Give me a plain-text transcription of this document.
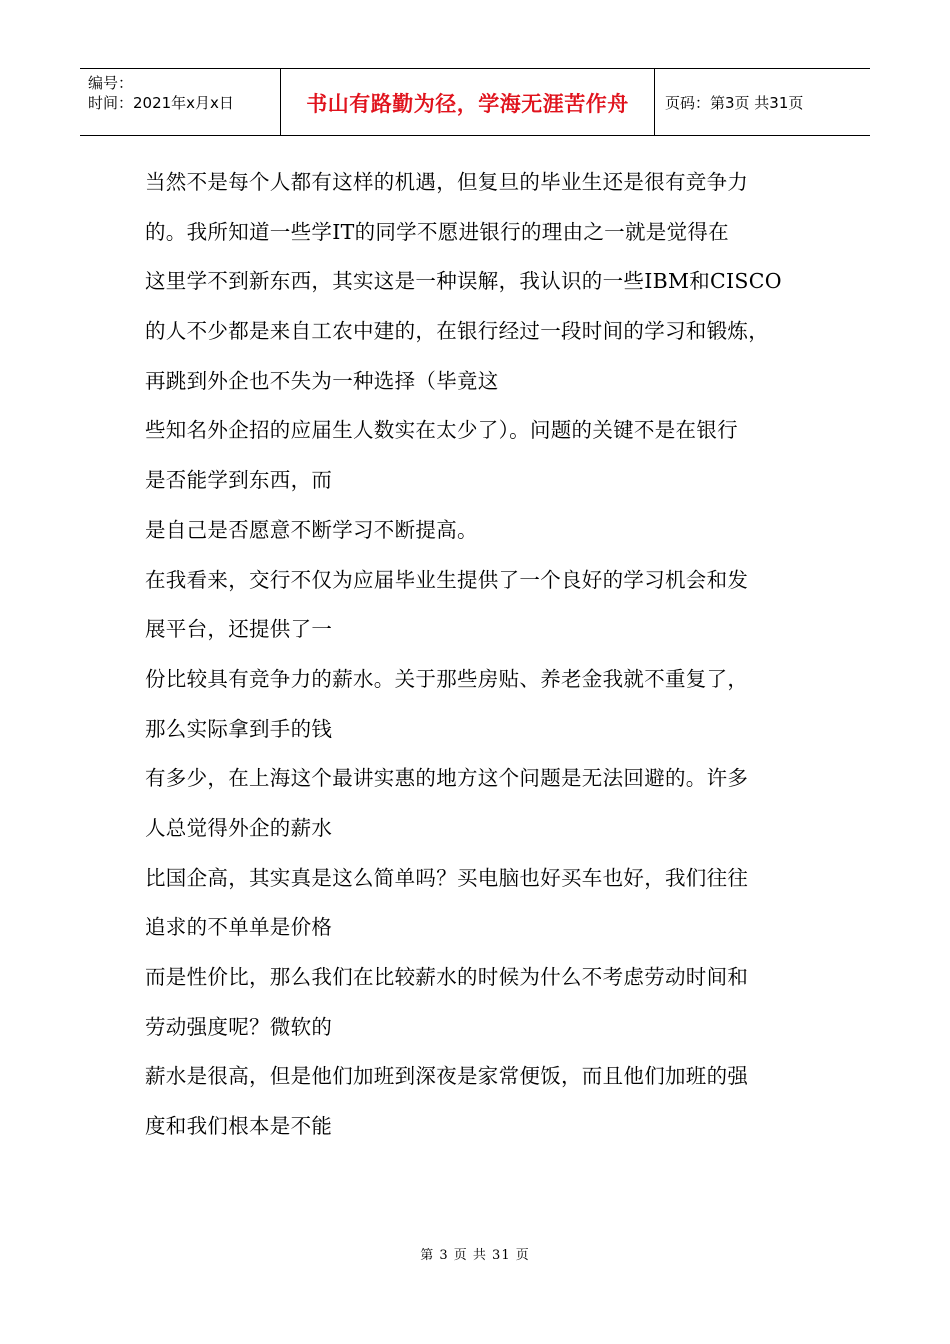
编号：
时间：2021年x月x日	书山有路勤为径，学海无涯苦作舟	页码：第3页 共31页
当然不是每个人都有这样的机遇，但复旦的毕业生还是很有竞争力
的。我所知道一些学IT的同学不愿进银行的理由之一就是觉得在
这里学不到新东西，其实这是一种误解，我认识的一些IBM和CISCO
的人不少都是来自工农中建的，在银行经过一段时间的学习和锻炼，
再跳到外企也不失为一种选择（毕竟这
些知名外企招的应届生人数实在太少了）。问题的关键不是在银行
是否能学到东西，而
是自己是否愿意不断学习不断提高。
在我看来，交行不仅为应届毕业生提供了一个良好的学习机会和发
展平台，还提供了一
份比较具有竞争力的薪水。关于那些房贴、养老金我就不重复了，
那么实际拿到手的钱
有多少，在上海这个最讲实惠的地方这个问题是无法回避的。许多
人总觉得外企的薪水
比国企高，其实真是这么简单吗？买电脑也好买车也好，我们往往
追求的不单单是价格
而是性价比，那么我们在比较薪水的时候为什么不考虑劳动时间和
劳动强度呢？微软的
薪水是很高，但是他们加班到深夜是家常便饭，而且他们加班的强
度和我们根本是不能
第 3 页 共 31 页
